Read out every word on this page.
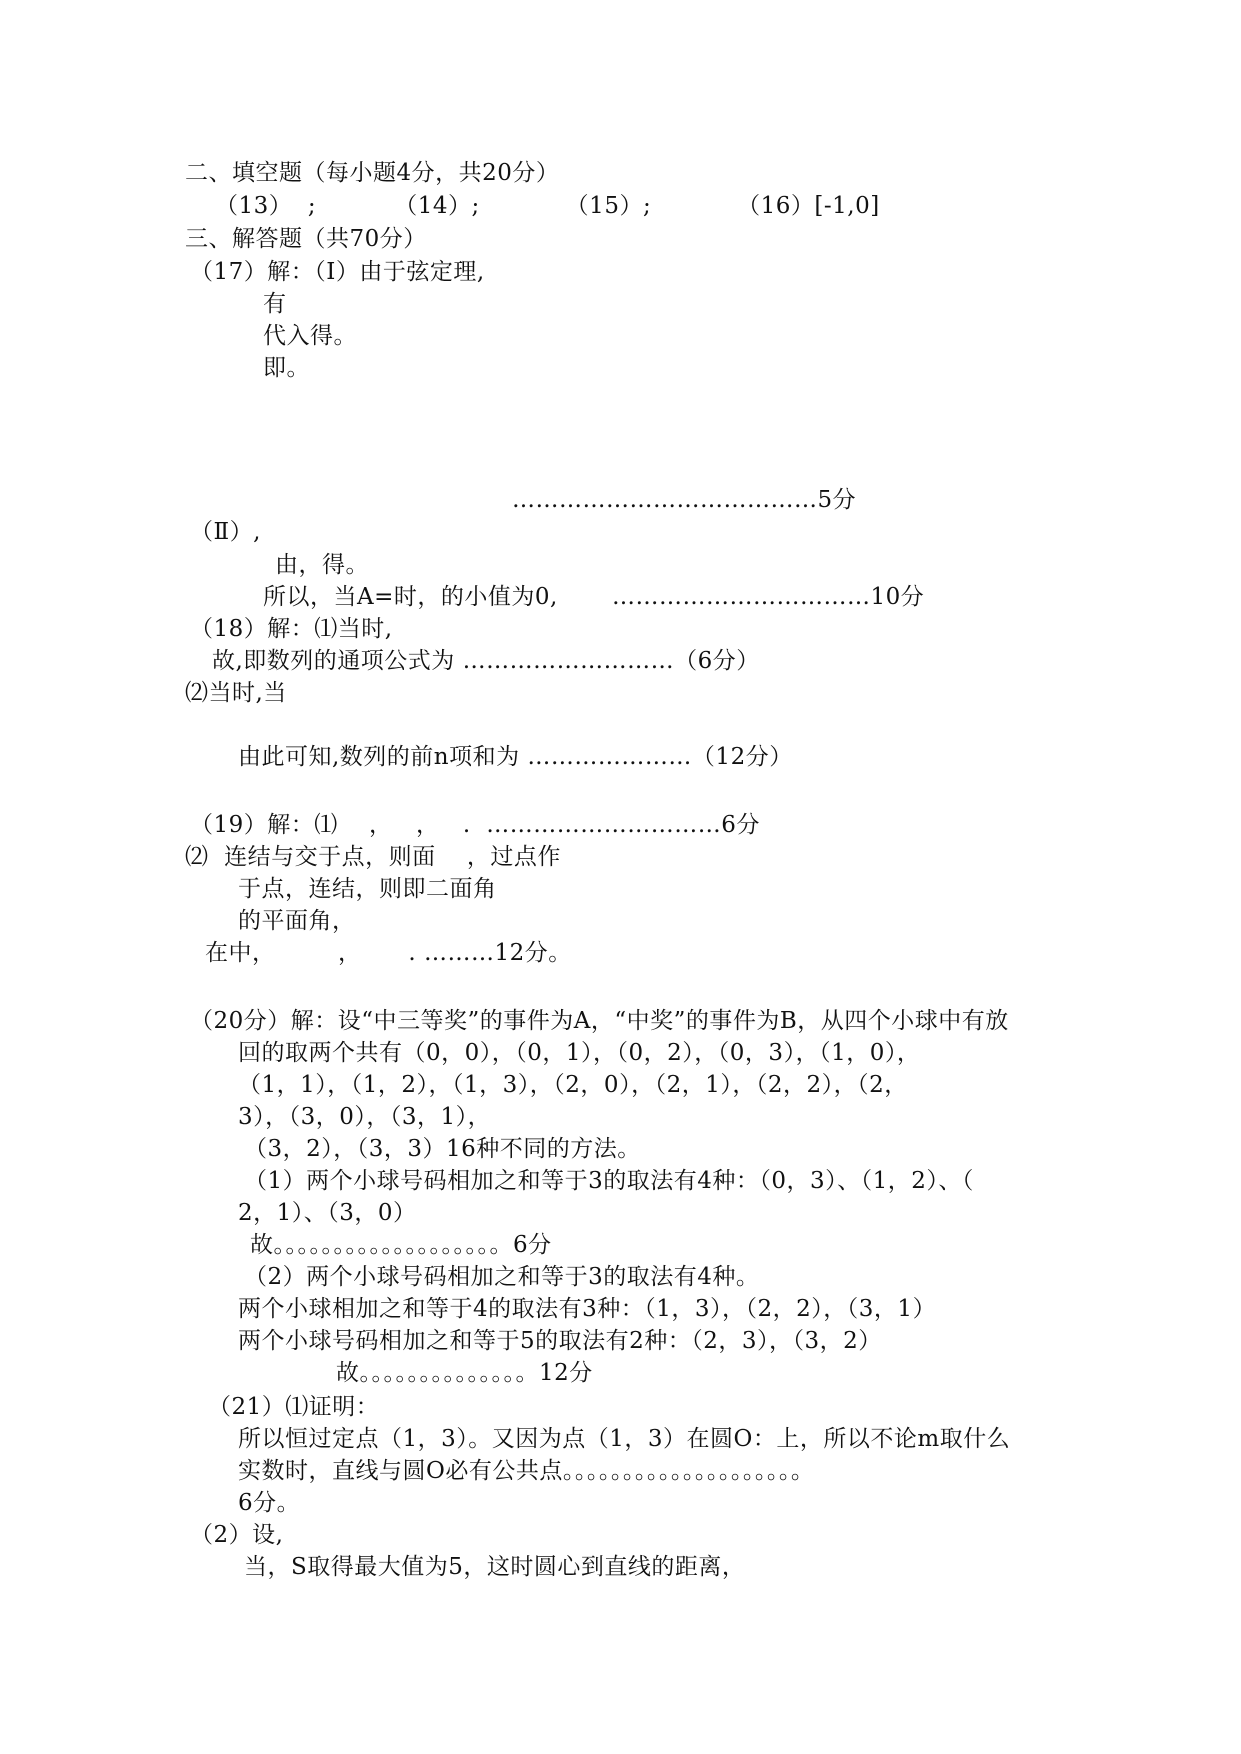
二、填空题（每小题4分，共20分）
（13）  ;          （14）;           （15）;           （16）[-1,0]
三、解答题（共70分）
（17）解：（I）由于弦定理,
有
代入得。
即。
…………………………………5分
（Ⅱ）,
由，得。
所以，当A=时，的小值为0, ……………………………10分
（18）解：⑴当时,
故,即数列的通项公式为 ………………………（6分）
⑵当时,当
由此可知,数列的前n项和为 …………………（12分）
（19）解：⑴    ，   ，   .  …………………………6分
⑵  连结与交于点，则面    ，过点作
于点，连结，则即二面角
的平面角，
在中，        ，      . ………12分。
（20分）解：设“中三等奖”的事件为A，“中奖”的事件为B，从四个小球中有放
回的取两个共有（0，0），（0，1），（0，2），（0，3），（1，0），
（1，1），（1，2），（1，3），（2，0），（2，1），（2，2），（2，
3），（3，0），（3，1），
（3，2），（3，3）16种不同的方法。
（1）两个小球号码相加之和等于3的取法有4种：（0，3）、（1，2）、（
2，1）、（3，0）
故。。。。。。。。。。。。。。。。。。。6分
（2）两个小球号码相加之和等于3的取法有4种。
两个小球相加之和等于4的取法有3种：（1，3），（2，2），（3，1）
两个小球号码相加之和等于5的取法有2种：（2，3），（3，2）
故。。。。。。。。。。。。。。12分
（21）⑴证明：
所以恒过定点（1，3）。又因为点（1，3）在圆O：上，所以不论m取什么
实数时，直线与圆O必有公共点。。。。。。。。。。。。。。。。。。。。
6分。
（2）设,
当，S取得最大值为5，这时圆心到直线的距离，
